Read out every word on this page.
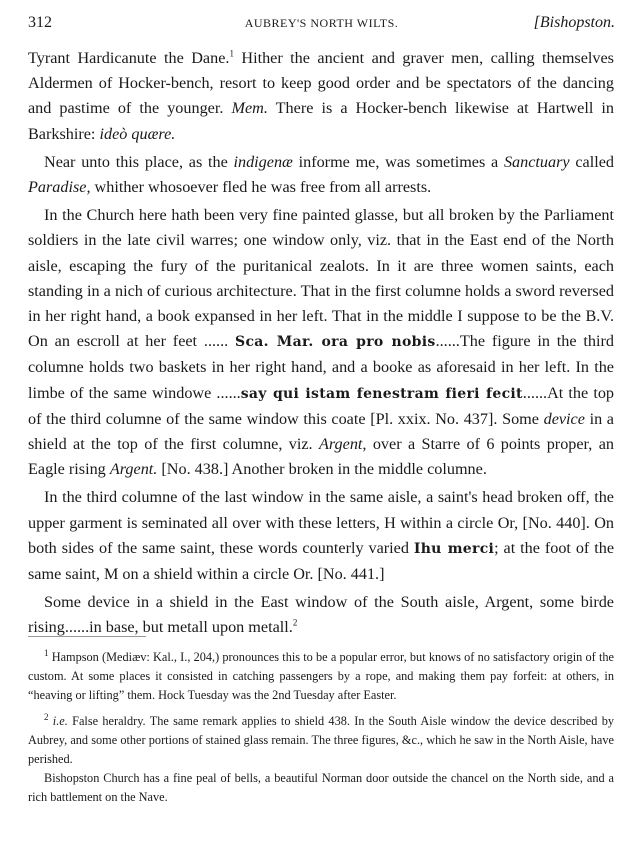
312	AUBREY'S NORTH WILTS.	[Bishopston.

Tyrant Hardicanute the Dane.$^1$ Hither the ancient and graver men, calling themselves Aldermen of Hocker-bench, resort to keep good order and be spectators of the dancing and pastime of the younger. Mem. There is a Hocker-bench likewise at Hartwell in Barkshire: ideò quære.

Near unto this place, as the indigenæ informe me, was sometimes a Sanctuary called Paradise, whither whosoever fled he was free from all arrests.

In the Church here hath been very fine painted glasse, but all broken by the Parliament soldiers in the late civil warres; one window only, viz. that in the East end of the North aisle, escaping the fury of the puritanical zealots. In it are three women saints, each standing in a nich of curious architecture. That in the first columne holds a sword reversed in her right hand, a book expansed in her left. That in the middle I suppose to be the B.V. On an escroll at her feet ...... Sca. Mar. ora pro nobis......The figure in the third columne holds two baskets in her right hand, and a booke as aforesaid in her left. In the limbe of the same windowe ......say qui istam fenestram fieri fecit......At the top of the third columne of the same window this coate [Pl. xxix. No. 437]. Some device in a shield at the top of the first columne, viz. Argent, over a Starre of 6 points proper, an Eagle rising Argent. [No. 438.] Another broken in the middle columne.

In the third columne of the last window in the same aisle, a saint's head broken off, the upper garment is seminated all over with these letters, H within a circle Or, [No. 440]. On both sides of the same saint, these words counterly varied Ihu merci; at the foot of the same saint, M on a shield within a circle Or. [No. 441.]

Some device in a shield in the East window of the South aisle, Argent, some birde rising......in base, but metall upon metall.$^2$

$^1$ Hampson (Mediæv: Kal., I., 204,) pronounces this to be a popular error, but knows of no satisfactory origin of the custom. At some places it consisted in catching passengers by a rope, and making them pay forfeit: at others, in “heaving or lifting” them. Hock Tuesday was the 2nd Tuesday after Easter.

$^2$ i.e. False heraldry. The same remark applies to shield 438. In the South Aisle window the device described by Aubrey, and some other portions of stained glass remain. The three figures, &c., which he saw in the North Aisle, have perished.

Bishopston Church has a fine peal of bells, a beautiful Norman door outside the chancel on the North side, and a rich battlement on the Nave.
